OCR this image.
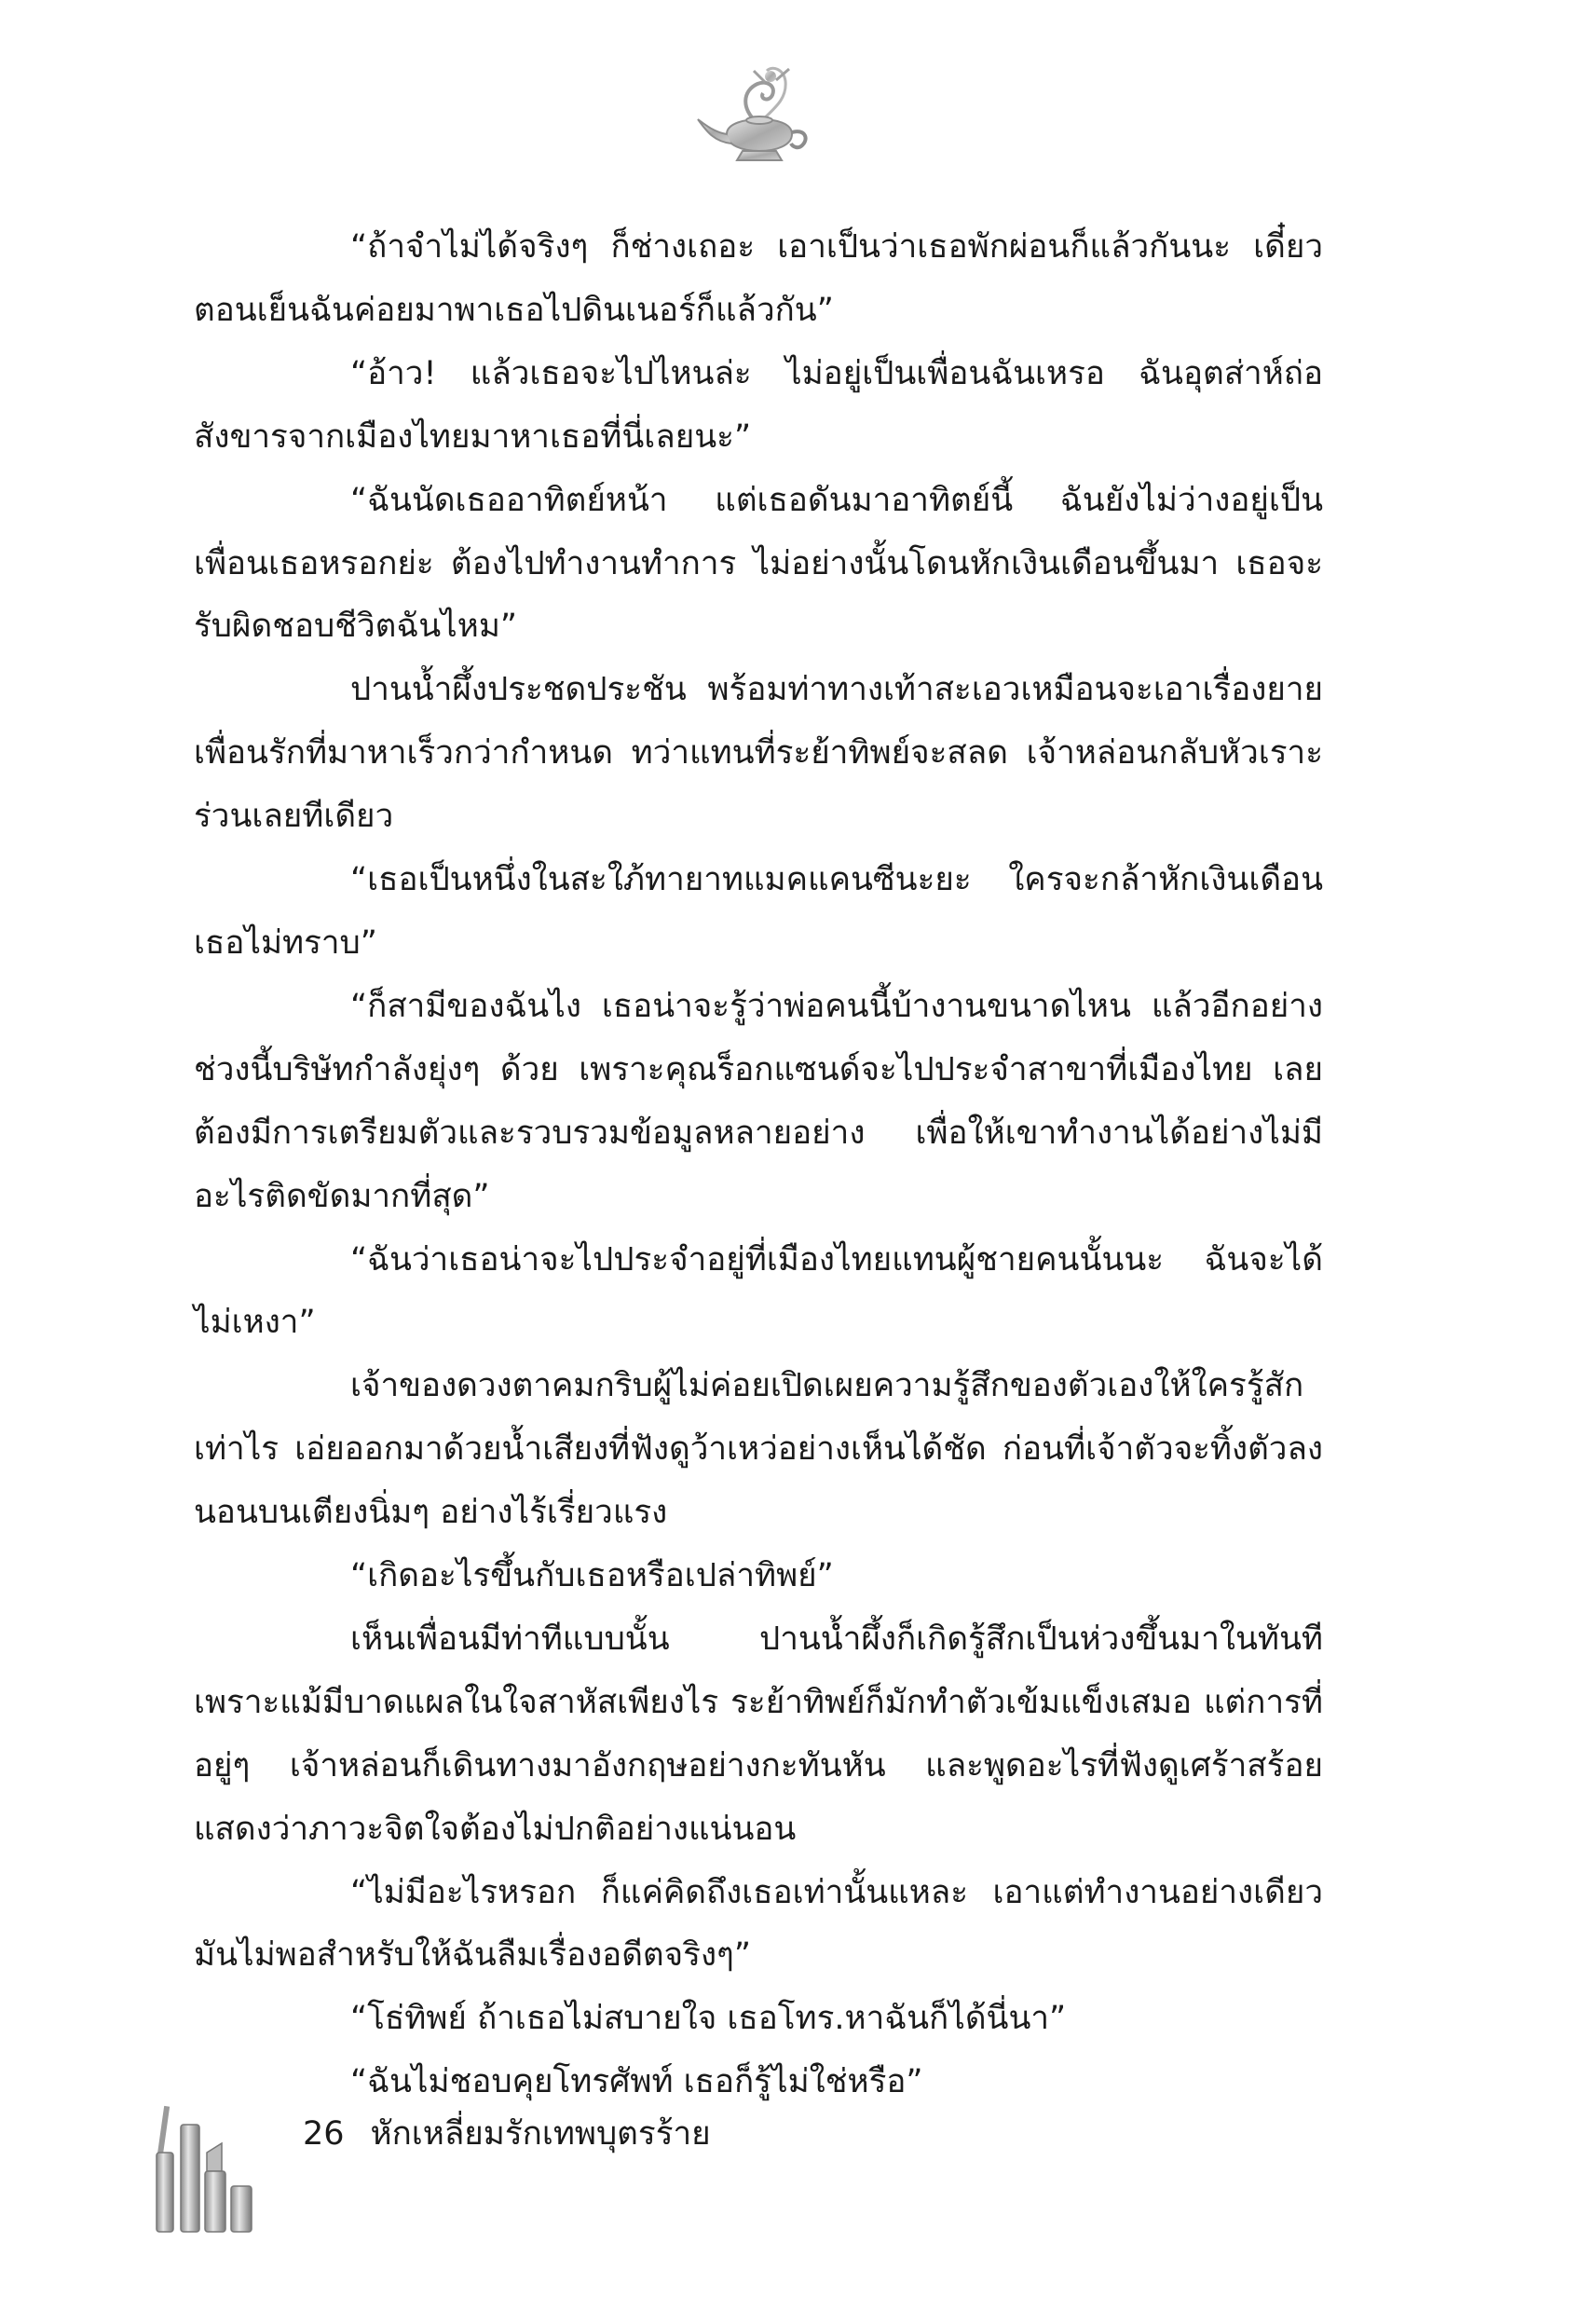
“ถ้าจำไม่ได้จริงๆ ก็ช่างเถอะ เอาเป็นว่าเธอพักผ่อนก็แล้วกันนะ เดี๋ยวตอนเย็นฉันค่อยมาพาเธอไปดินเนอร์ก็แล้วกัน”

“อ้าว! แล้วเธอจะไปไหนล่ะ ไม่อยู่เป็นเพื่อนฉันเหรอ ฉันอุตส่าห์ถ่อสังขารจากเมืองไทยมาหาเธอที่นี่เลยนะ”

“ฉันนัดเธออาทิตย์หน้า แต่เธอดันมาอาทิตย์นี้ ฉันยังไม่ว่างอยู่เป็นเพื่อนเธอหรอกย่ะ ต้องไปทำงานทำการ ไม่อย่างนั้นโดนหักเงินเดือนขึ้นมา เธอจะรับผิดชอบชีวิตฉันไหม”

ปานน้ำผึ้งประชดประชัน พร้อมท่าทางเท้าสะเอวเหมือนจะเอาเรื่องยายเพื่อนรักที่มาหาเร็วกว่ากำหนด ทว่าแทนที่ระย้าทิพย์จะสลด เจ้าหล่อนกลับหัวเราะร่วนเลยทีเดียว

“เธอเป็นหนึ่งในสะใภ้ทายาทแมคแคนซีนะยะ ใครจะกล้าหักเงินเดือนเธอไม่ทราบ”

“ก็สามีของฉันไง เธอน่าจะรู้ว่าพ่อคนนี้บ้างานขนาดไหน แล้วอีกอย่างช่วงนี้บริษัทกำลังยุ่งๆ ด้วย เพราะคุณร็อกแซนด์จะไปประจำสาขาที่เมืองไทย เลยต้องมีการเตรียมตัวและรวบรวมข้อมูลหลายอย่าง เพื่อให้เขาทำงานได้อย่างไม่มีอะไรติดขัดมากที่สุด”

“ฉันว่าเธอน่าจะไปประจำอยู่ที่เมืองไทยแทนผู้ชายคนนั้นนะ ฉันจะได้ไม่เหงา”

เจ้าของดวงตาคมกริบผู้ไม่ค่อยเปิดเผยความรู้สึกของตัวเองให้ใครรู้สักเท่าไร เอ่ยออกมาด้วยน้ำเสียงที่ฟังดูว้าเหว่อย่างเห็นได้ชัด ก่อนที่เจ้าตัวจะทิ้งตัวลงนอนบนเตียงนิ่มๆ อย่างไร้เรี่ยวแรง

“เกิดอะไรขึ้นกับเธอหรือเปล่าทิพย์”

เห็นเพื่อนมีท่าทีแบบนั้น ปานน้ำผึ้งก็เกิดรู้สึกเป็นห่วงขึ้นมาในทันทีเพราะแม้มีบาดแผลในใจสาหัสเพียงไร ระย้าทิพย์ก็มักทำตัวเข้มแข็งเสมอ แต่การที่อยู่ๆ เจ้าหล่อนก็เดินทางมาอังกฤษอย่างกะทันหัน และพูดอะไรที่ฟังดูเศร้าสร้อย แสดงว่าภาวะจิตใจต้องไม่ปกติอย่างแน่นอน

“ไม่มีอะไรหรอก ก็แค่คิดถึงเธอเท่านั้นแหละ เอาแต่ทำงานอย่างเดียวมันไม่พอสำหรับให้ฉันลืมเรื่องอดีตจริงๆ”

“โธ่ทิพย์ ถ้าเธอไม่สบายใจ เธอโทร.หาฉันก็ได้นี่นา”

“ฉันไม่ชอบคุยโทรศัพท์ เธอก็รู้ไม่ใช่หรือ”

26 หักเหลี่ยมรักเทพบุตรร้าย
